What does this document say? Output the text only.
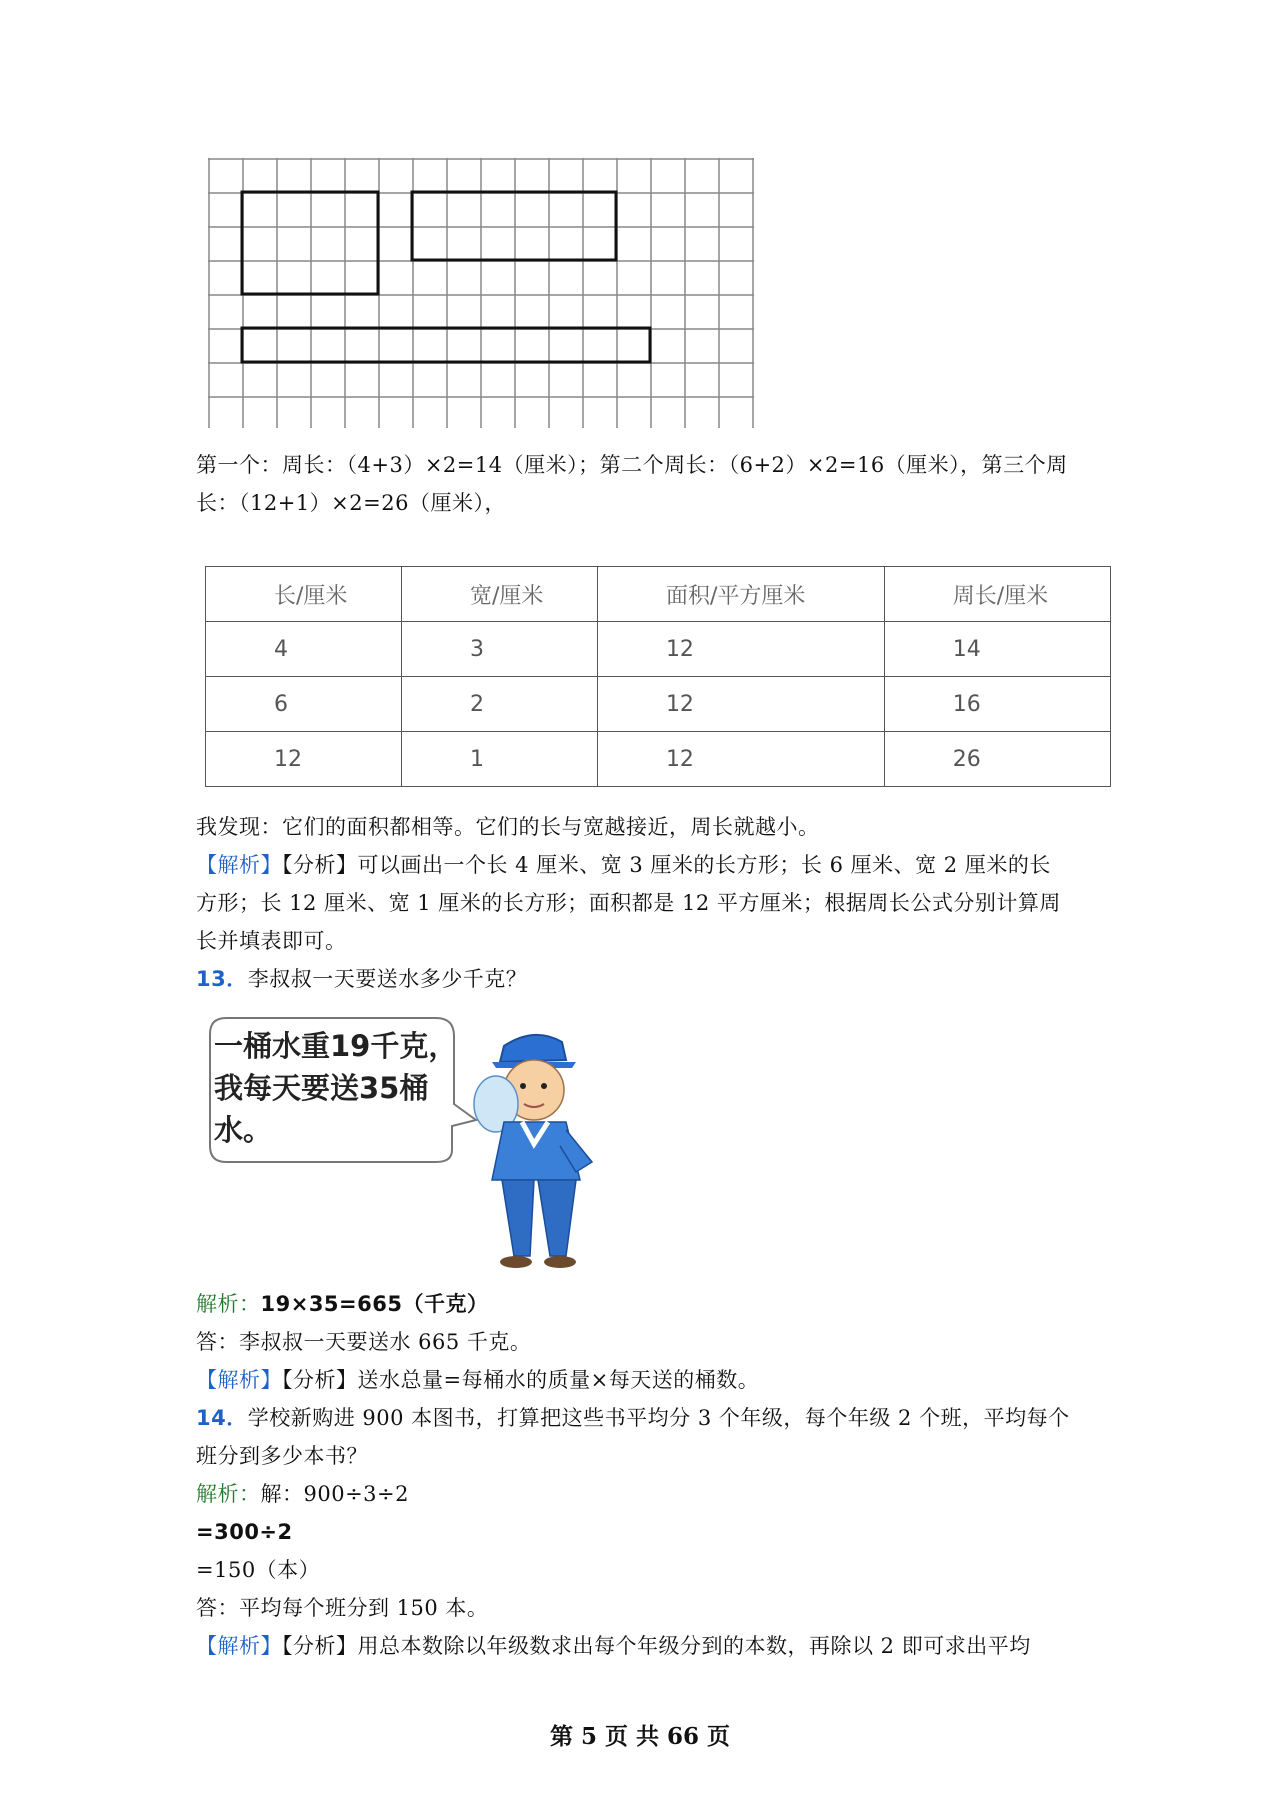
第一个：周长：（4+3）×2=14（厘米）；第二个周长：（6+2）×2=16（厘米），第三个周
长：（12+1）×2=26（厘米），
长/厘米	宽/厘米	面积/平方厘米	周长/厘米
4	3	12	14
6	2	12	16
12	1	12	26
我发现：它们的面积都相等。它们的长与宽越接近，周长就越小。
【解析】【分析】可以画出一个长 4 厘米、宽 3 厘米的长方形；长 6 厘米、宽 2 厘米的长
方形；长 12 厘米、宽 1 厘米的长方形；面积都是 12 平方厘米；根据周长公式分别计算周
长并填表即可。
13．李叔叔一天要送水多少千克？
一桶水重19千克，
我每天要送35桶
水。
解析：19×35=665（千克）
答：李叔叔一天要送水 665 千克。
【解析】【分析】送水总量=每桶水的质量×每天送的桶数。
14．学校新购进 900 本图书，打算把这些书平均分 3 个年级，每个年级 2 个班，平均每个
班分到多少本书？
解析：解：900÷3÷2
=300÷2
=150（本）
答：平均每个班分到 150 本。
【解析】【分析】用总本数除以年级数求出每个年级分到的本数，再除以 2 即可求出平均
第 5 页 共 66 页
